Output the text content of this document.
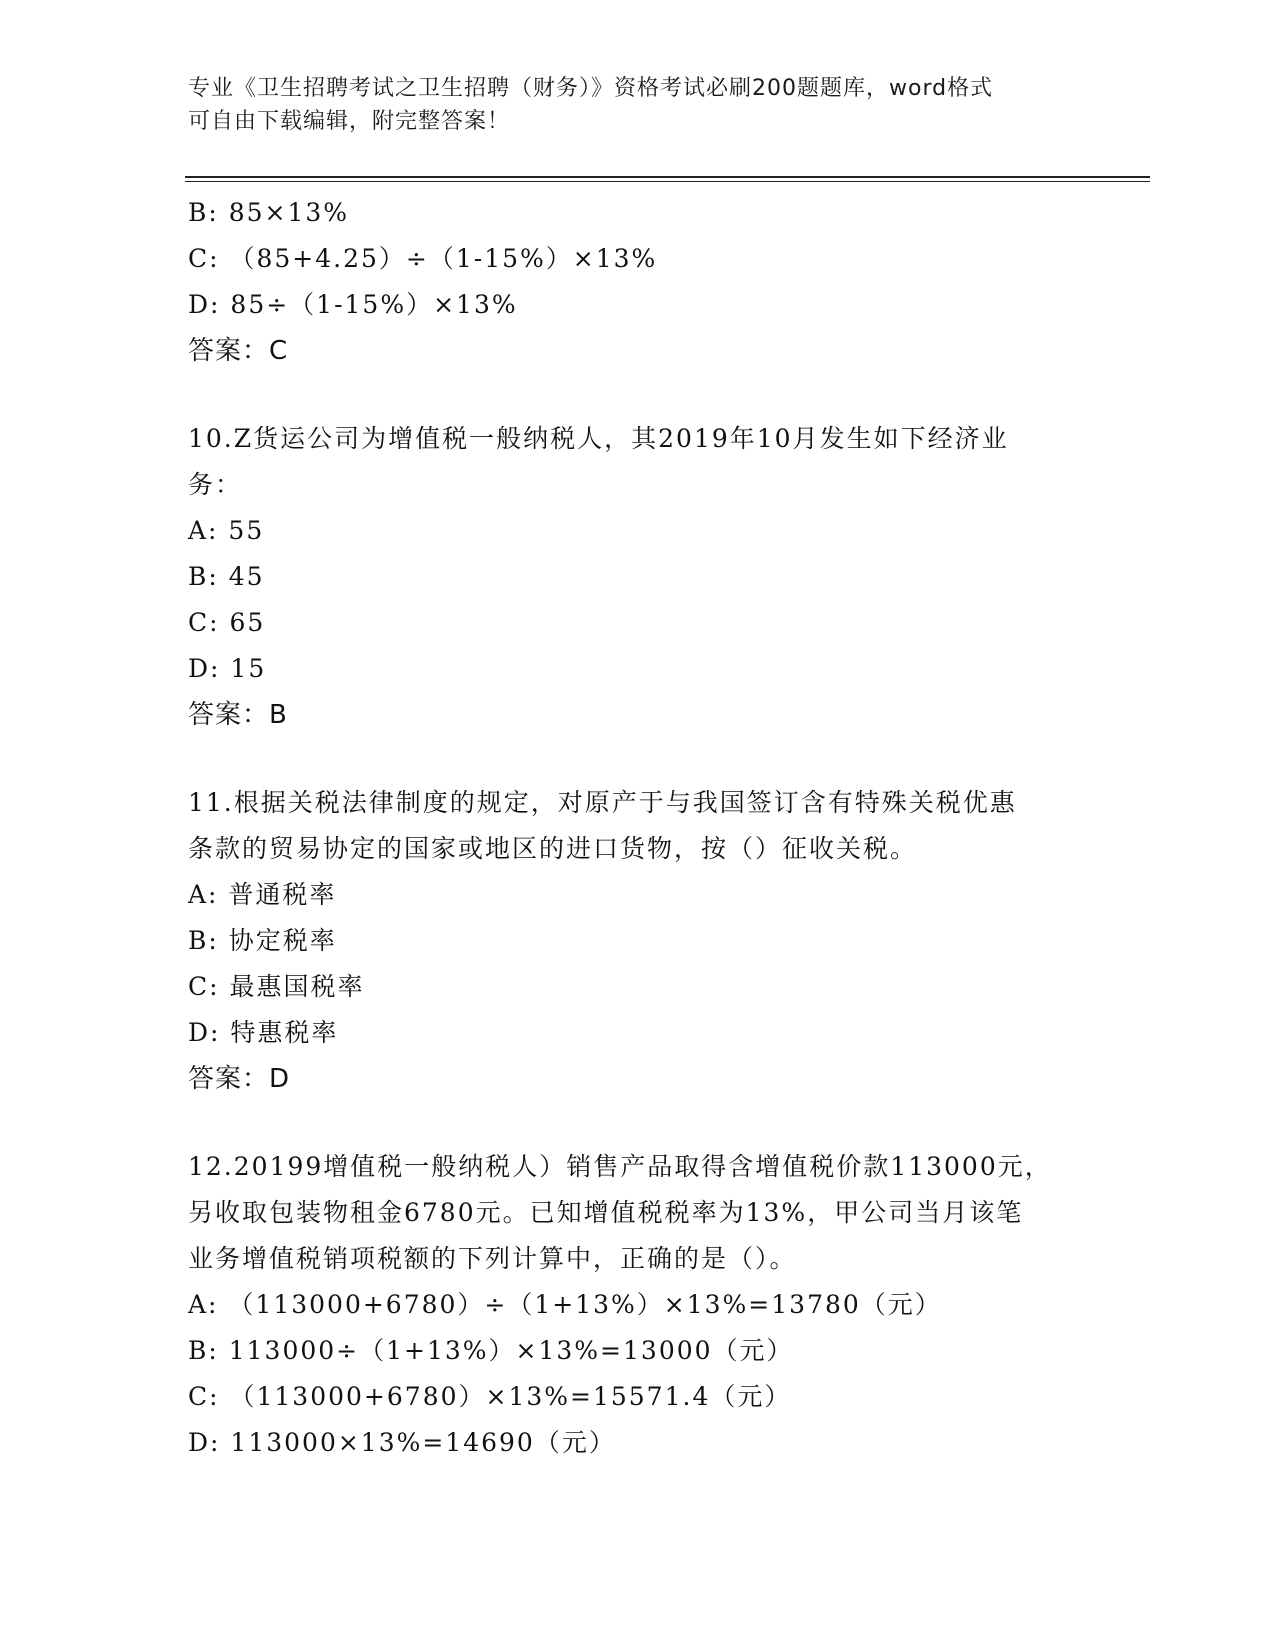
专业《卫生招聘考试之卫生招聘（财务）》资格考试必刷200题题库，word格式
可自由下载编辑，附完整答案！
B: 85×13%
C: （85+4.25）÷（1-15%）×13%
D: 85÷（1-15%）×13%
答案：C
10.Z货运公司为增值税一般纳税人，其2019年10月发生如下经济业
务：
A: 55
B: 45
C: 65
D: 15
答案：B
11.根据关税法律制度的规定，对原产于与我国签订含有特殊关税优惠
条款的贸易协定的国家或地区的进口货物，按（）征收关税。
A: 普通税率
B: 协定税率
C: 最惠国税率
D: 特惠税率
答案：D
12.20199增值税一般纳税人）销售产品取得含增值税价款113000元，
另收取包装物租金6780元。已知增值税税率为13%，甲公司当月该笔
业务增值税销项税额的下列计算中，正确的是（）。
A: （113000+6780）÷（1+13%）×13%=13780（元）
B: 113000÷（1+13%）×13%=13000（元）
C: （113000+6780）×13%=15571.4（元）
D: 113000×13%=14690（元）
